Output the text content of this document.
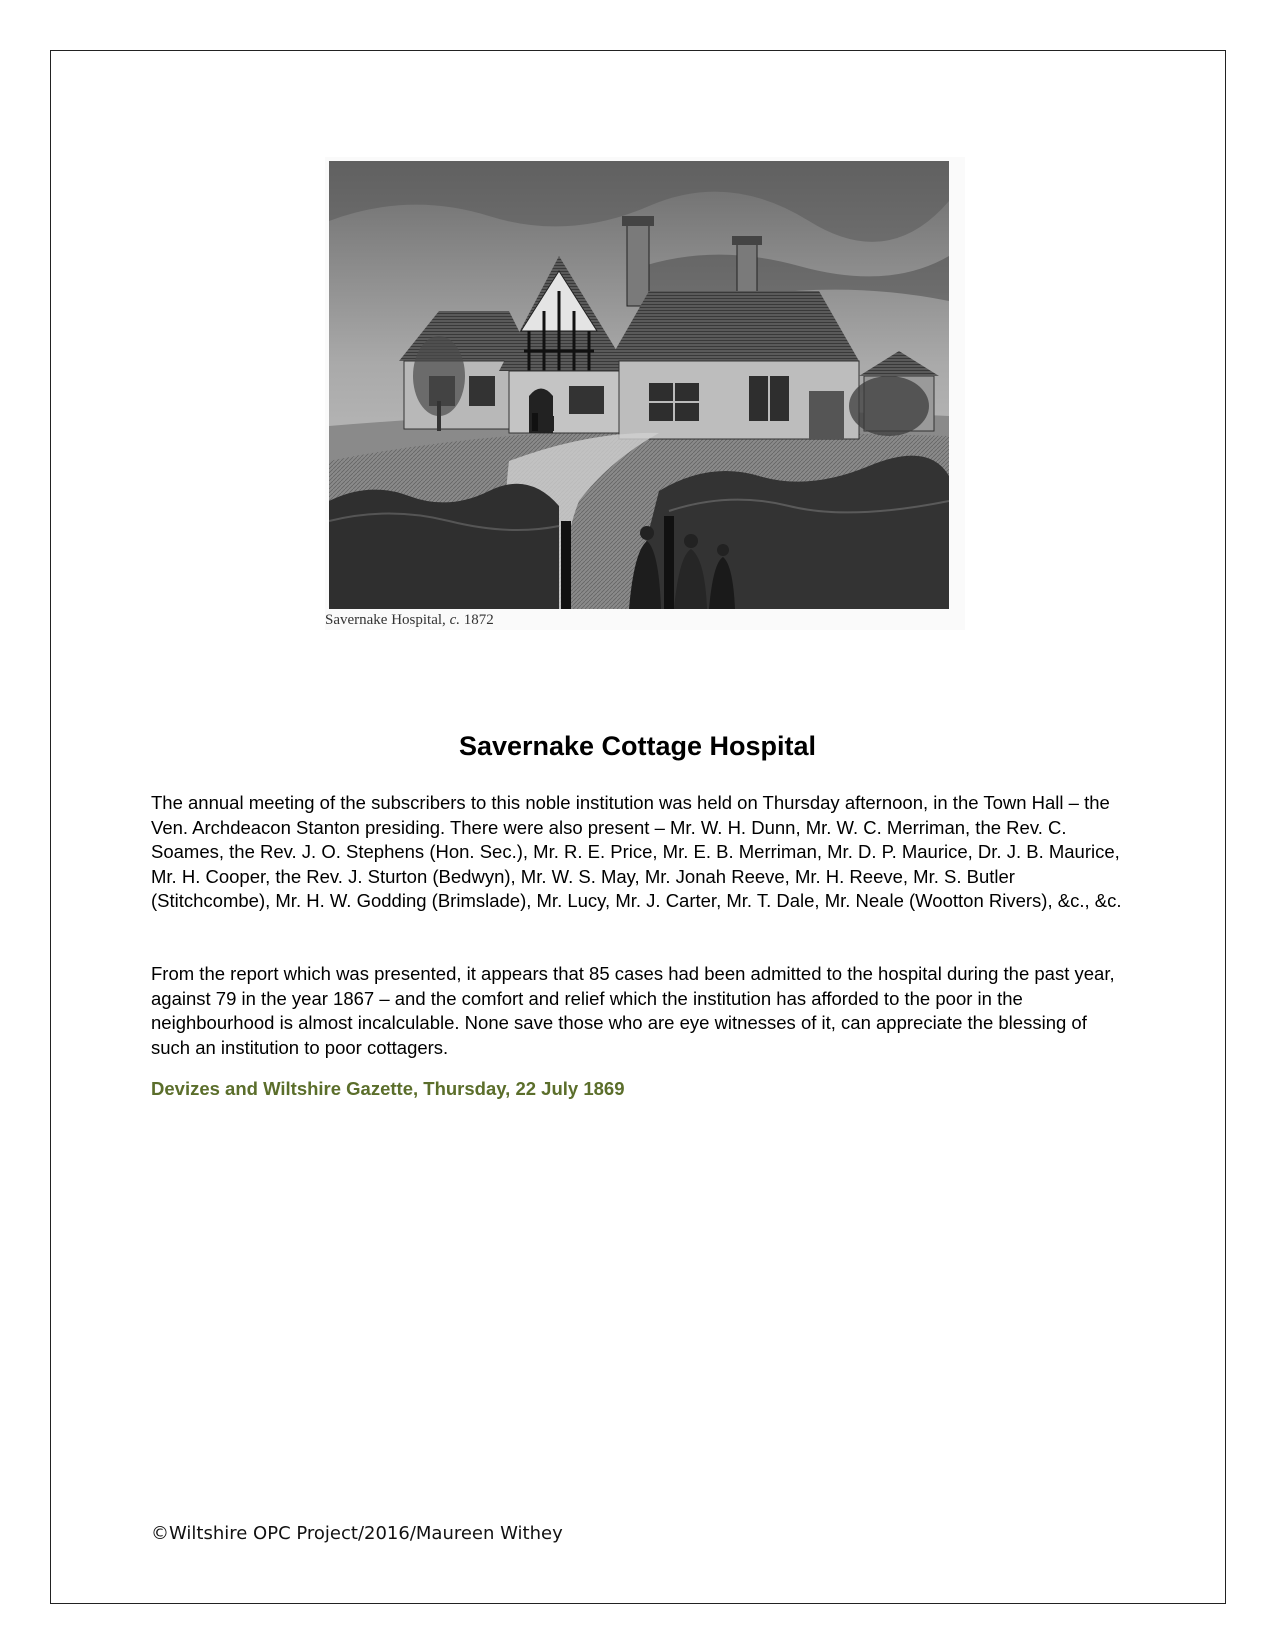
Savernake Hospital, c. 1872
Savernake Cottage Hospital
The annual meeting of the subscribers to this noble institution was held on Thursday afternoon, in the Town Hall – the Ven. Archdeacon Stanton presiding. There were also present – Mr. W. H. Dunn, Mr. W. C. Merriman, the Rev. C. Soames, the Rev. J. O. Stephens (Hon. Sec.), Mr. R. E. Price, Mr. E. B. Merriman, Mr. D. P. Maurice, Dr. J. B. Maurice, Mr. H. Cooper, the Rev. J. Sturton (Bedwyn), Mr. W. S. May, Mr. Jonah Reeve, Mr. H. Reeve, Mr. S. Butler (Stitchcombe), Mr. H. W. Godding (Brimslade), Mr. Lucy, Mr. J. Carter, Mr. T. Dale, Mr. Neale (Wootton Rivers), &c., &c.
From the report which was presented, it appears that 85 cases had been admitted to the hospital during the past year, against 79 in the year 1867 – and the comfort and relief which the institution has afforded to the poor in the neighbourhood is almost incalculable. None save those who are eye witnesses of it, can appreciate the blessing of such an institution to poor cottagers.
Devizes and Wiltshire Gazette, Thursday, 22 July 1869
©Wiltshire OPC Project/2016/Maureen Withey
